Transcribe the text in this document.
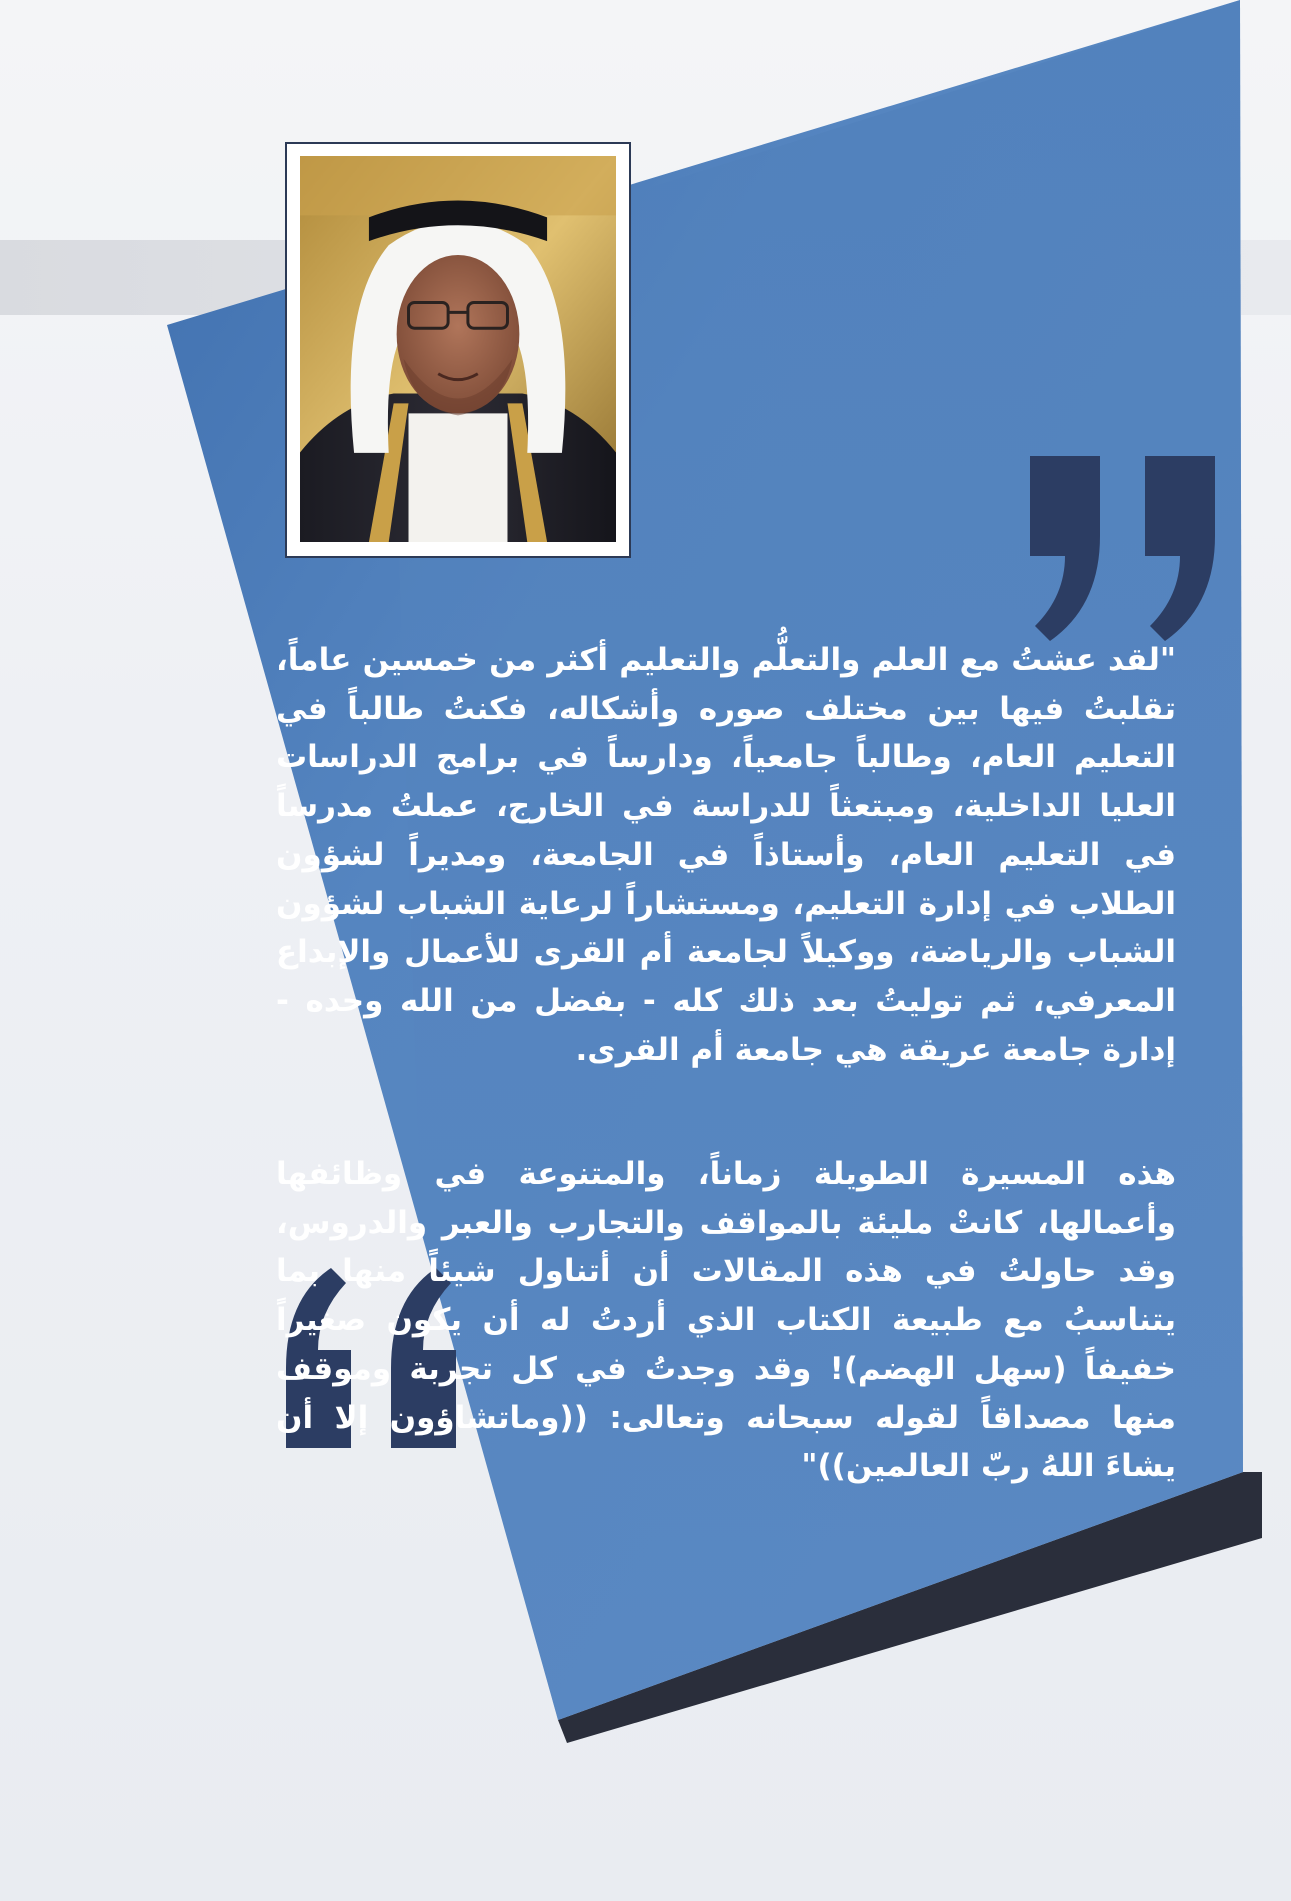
"لقد عشتُ مع العلم والتعلُّم والتعليم أكثر من خمسين عاماً، تقلبتُ فيها بين مختلف صوره وأشكاله، فكنتُ طالباً في التعليم العام، وطالباً جامعياً، ودارساً في برامج الدراسات العليا الداخلية، ومبتعثاً للدراسة في الخارج، عملتُ مدرساً في التعليم العام، وأستاذاً في الجامعة، ومديراً لشؤون الطلاب في إدارة التعليم، ومستشاراً لرعاية الشباب لشؤون الشباب والرياضة، ووكيلاً لجامعة أم القرى للأعمال والإبداع المعرفي، ثم توليتُ بعد ذلك كله - بفضل من الله وحده - إدارة جامعة عريقة هي جامعة أم القرى.
هذه المسيرة الطويلة زماناً، والمتنوعة في وظائفها وأعمالها، كانتْ مليئة بالمواقف والتجارب والعبر والدروس، وقد حاولتُ في هذه المقالات أن أتناول شيئاً منها بما يتناسبُ مع طبيعة الكتاب الذي أردتُ له أن يكون صغيراً خفيفاً (سهل الهضم)! وقد وجدتُ في كل تجربة وموقف منها مصداقاً لقوله سبحانه وتعالى: ((وماتشاؤون إلا أن يشاءَ اللهُ ربّ العالمين))"
